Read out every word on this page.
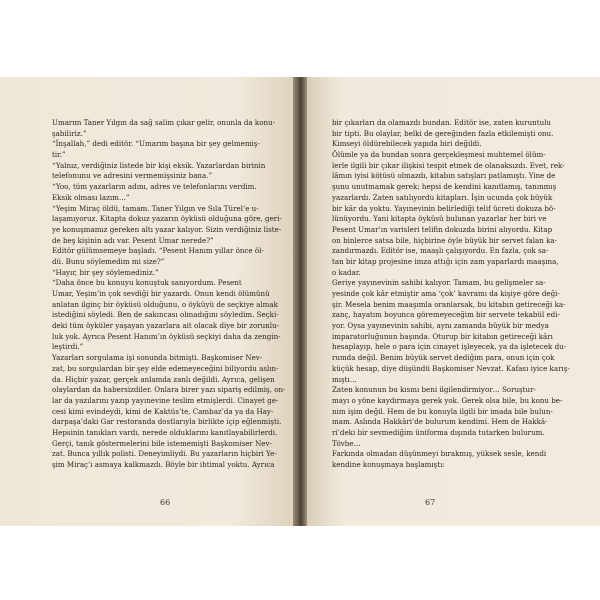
Umarım Taner Yılgın da sağ salim çıkar gelir, onunla da konu-
şabiliriz.”
“İnşallah,” dedi editör. “Umarım başına bir şey gelmemiş-
tir.”
“Yalnız, verdiğiniz listede bir kişi eksik. Yazarlardan birinin
telefonunu ve adresini vermemişsiniz bana.”
“Yoo, tüm yazarların adını, adres ve telefonlarını verdim.
Eksik olması lazım…”
“Yeşim Miraç öldü, tamam. Taner Yılgın ve Sıla Türel’e u-
laşamıyoruz. Kitapta dokuz yazarın öyküsü olduğuna göre, geri-
ye konuşmamız gereken altı yazar kalıyor. Sizin verdiğiniz liste-
de beş kişinin adı var. Pesent Umar nerede?”
Editör gülümsemeye başladı. “Pesent Hanım yıllar önce öl-
dü. Bunu söylemedim mi size?”
“Hayır, bir şey söylemediniz.”
“Daha önce bu konuyu konuştuk sanıyordum. Pesent
Umar, Yeşim’in çok sevdiği bir yazardı. Onun kendi ölümünü
anlatan ilginç bir öyküsü olduğunu, o öyküyü de seçkiye almak
istediğini söyledi. Ben de sakıncası olmadığını söyledim. Seçki-
deki tüm öyküler yaşayan yazarlara ait olacak diye bir zorunlu-
luk yok. Ayrıca Pesent Hanım’ın öyküsü seçkiyi daha da zengin-
leştirdi.”
Yazarları sorgulama işi sonunda bitmişti. Başkomiser Nev-
zat, bu sorgulardan bir şey elde edemeyeceğini biliyordu aslın-
da. Hiçbir yazar, gerçek anlamda zanlı değildi. Ayrıca, gelişen
olaylardan da habersizdiler. Onlara birer yazı sipariş edilmiş, on-
lar da yazılarını yazıp yayınevine teslim etmişlerdi. Cinayet ge-
cesi kimi evindeydi, kimi de Kaktüs’te, Cambaz’da ya da Hay-
darpaşa’daki Gar restoranda dostlarıyla birlikte içip eğlenmişti.
Hepsinin tanıkları vardı, nerede olduklarını kanıtlayabilirlerdi.
Gerçi, tanık göstermelerini bile istememişti Başkomiser Nev-
zat. Bunca yıllık polisti. Deneyimliydi. Bu yazarların hiçbiri Ye-
şim Miraç’ı asmaya kalkmazdı. Böyle bir ihtimal yoktu. Ayrıca
66
bir çıkarları da olamazdı bundan. Editör ise, zaten kuruntulu
bir tipti. Bu olaylar, belki de gereğinden fazla etkilemişti onu.
Kimseyi öldürebilecek yapıda biri değildi.
Ölümle ya da bundan sonra gerçekleşmesi muhtemel ölüm-
lerle ilgili bir çıkar ilişkisi tespit etmek de olanaksızdı. Evet, rek-
lâmın iyisi kötüsü olmazdı, kitabın satışları patlamıştı. Yine de
şunu unutmamak gerek; hepsi de kendini kanıtlamış, tanınmış
yazarlardı. Zaten satılıyordu kitapları. İşin ucunda çok büyük
bir kâr da yoktu. Yayınevinin belirlediği telif ücreti dokuza bö-
lünüyordu. Yani kitapta öyküsü bulunan yazarlar her biri ve
Pesent Umar’ın varisleri telifin dokuzda birini alıyordu. Kitap
on binlerce satsa bile, hiçbirine öyle büyük bir servet falan ka-
zandırmazdı. Editör ise, maaşlı çalışıyordu. En fazla, çok sa-
tan bir kitap projesine imza attığı için zam yaparlardı maaşına,
o kadar.
Geriye yayınevinin sahibi kalıyor. Tamam, bu gelişmeler sa-
yesinde çok kâr etmiştir ama ‘çok’ kavramı da kişiye göre deği-
şir. Mesela benim maaşımla oranlarsak, bu kitabın getireceği ka-
zanç, hayatım boyunca göremeyeceğim bir servete tekabül edi-
yor. Oysa yayınevinin sahibi, aynı zamanda büyük bir medya
imparatorluğunun başında. Oturup bir kitabın getireceği kârı
hesaplayıp, hele o para için cinayet işleyecek, ya da işletecek du-
rumda değil. Benim büyük servet dediğim para, onun için çok
küçük hesap, diye düşündü Başkomiser Nevzat. Kafası iyice karış-
mıştı…
Zaten konunun bu kısmı beni ilgilendirmiyor… Soruştur-
mayı o yöne kaydırmaya gerek yok. Gerek olsa bile, bu konu be-
nim işim değil. Hem de bu konuyla ilgili bir imada bile bulun-
mam. Aslında Hakkâri’de bulurum kendimi. Hem de Hakkâ-
ri’deki bir sevmediğim üniforma dışında tutarken bulurum.
Tövbe…
Farkında olmadan düşünmeyi bırakmış, yüksek sesle, kendi
kendine konuşmaya başlamıştı:
67
